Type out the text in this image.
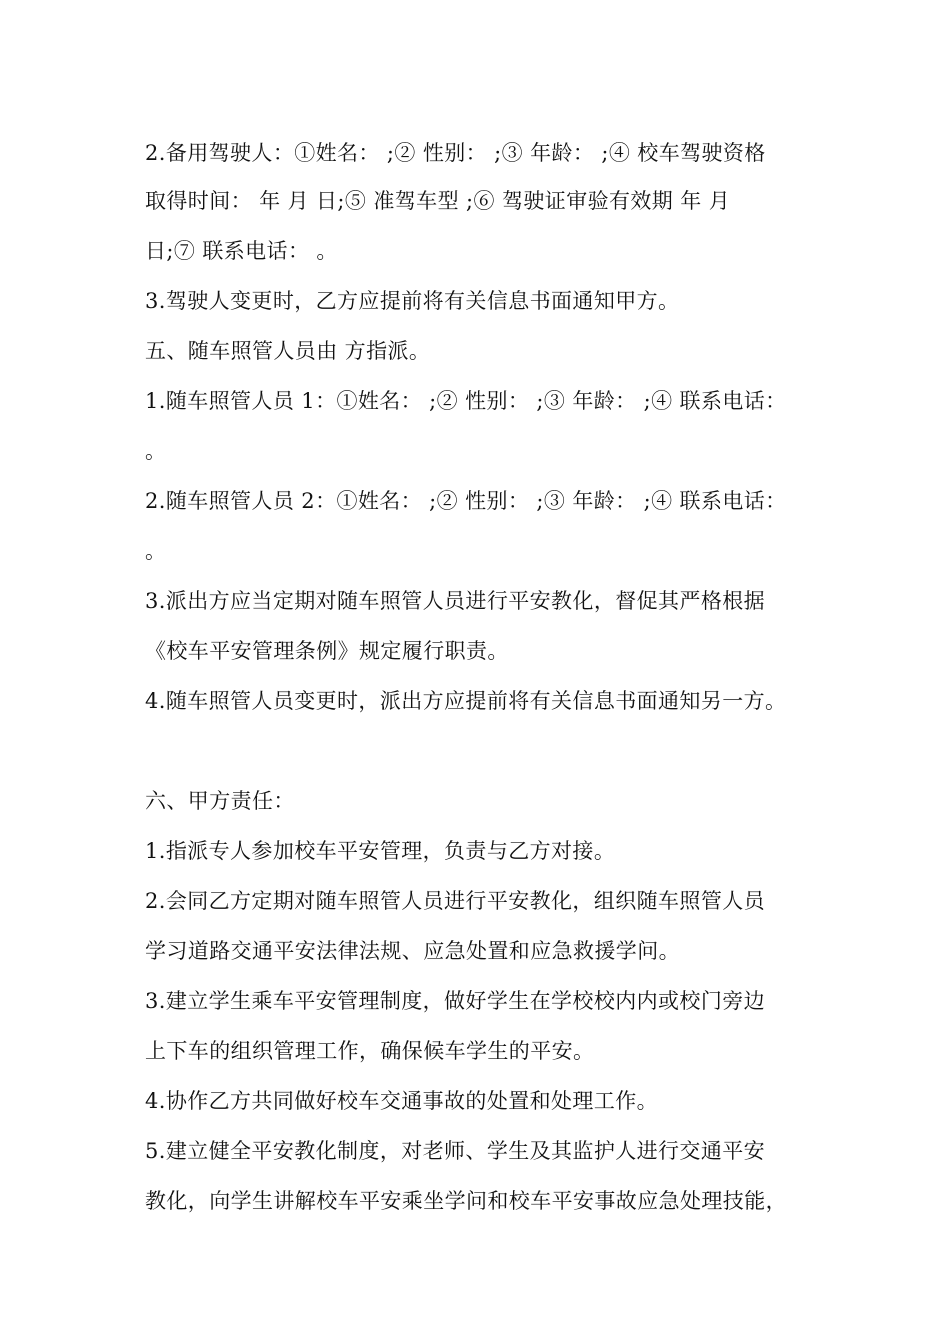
2.备用驾驶人：①姓名： ;② 性别： ;③ 年龄： ;④ 校车驾驶资格
取得时间： 年 月 日;⑤ 准驾车型 ;⑥ 驾驶证审验有效期 年 月
日;⑦ 联系电话： 。
3.驾驶人变更时，乙方应提前将有关信息书面通知甲方。
五、随车照管人员由 方指派。
1.随车照管人员 1：①姓名： ;② 性别： ;③ 年龄： ;④ 联系电话：
。
2.随车照管人员 2：①姓名： ;② 性别： ;③ 年龄： ;④ 联系电话：
。
3.派出方应当定期对随车照管人员进行平安教化，督促其严格根据
《校车平安管理条例》规定履行职责。
4.随车照管人员变更时，派出方应提前将有关信息书面通知另一方。
六、甲方责任：
1.指派专人参加校车平安管理，负责与乙方对接。
2.会同乙方定期对随车照管人员进行平安教化，组织随车照管人员
学习道路交通平安法律法规、应急处置和应急救援学问。
3.建立学生乘车平安管理制度，做好学生在学校校内内或校门旁边
上下车的组织管理工作，确保候车学生的平安。
4.协作乙方共同做好校车交通事故的处置和处理工作。
5.建立健全平安教化制度，对老师、学生及其监护人进行交通平安
教化，向学生讲解校车平安乘坐学问和校车平安事故应急处理技能，
